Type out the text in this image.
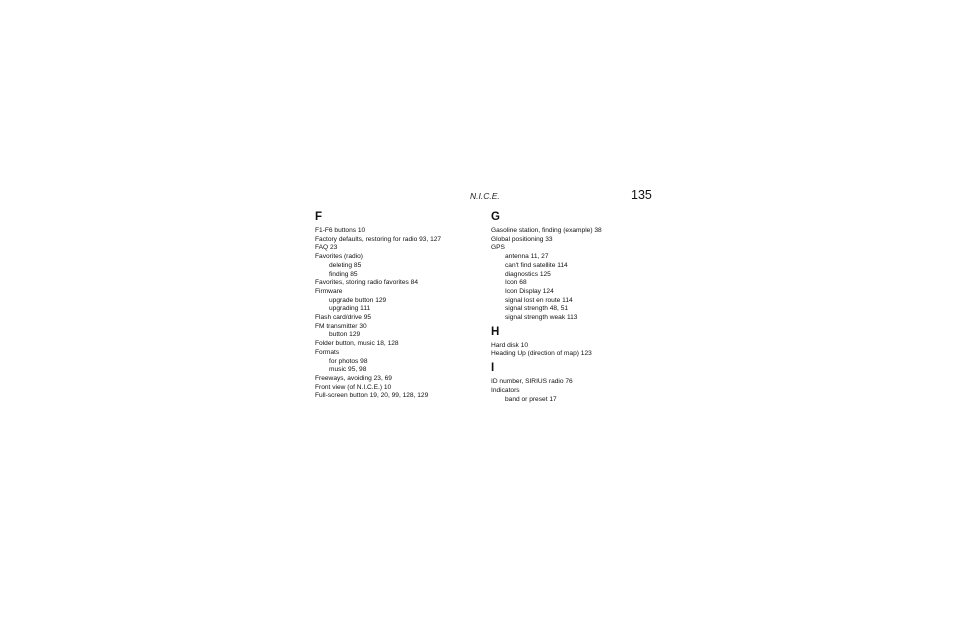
N.I.C.E.	135
F
F1-F6 buttons 10
Factory defaults, restoring for radio 93, 127
FAQ 23
Favorites (radio)
deleting 85
finding 85
Favorites, storing radio favorites 84
Firmware
upgrade button 129
upgrading 111
Flash card/drive 95
FM transmitter 30
button 129
Folder button, music 18, 128
Formats
for photos 98
music 95, 98
Freeways, avoiding 23, 69
Front view (of N.I.C.E.) 10
Full-screen button 19, 20, 99, 128, 129
G
Gasoline station, finding (example) 38
Global positioning 33
GPS
antenna 11, 27
can't find satellite 114
diagnostics 125
Icon 68
Icon Display 124
signal lost en route 114
signal strength 48, 51
signal strength weak 113
H
Hard disk 10
Heading Up (direction of map) 123
I
ID number, SIRIUS radio 76
Indicators
band or preset 17
